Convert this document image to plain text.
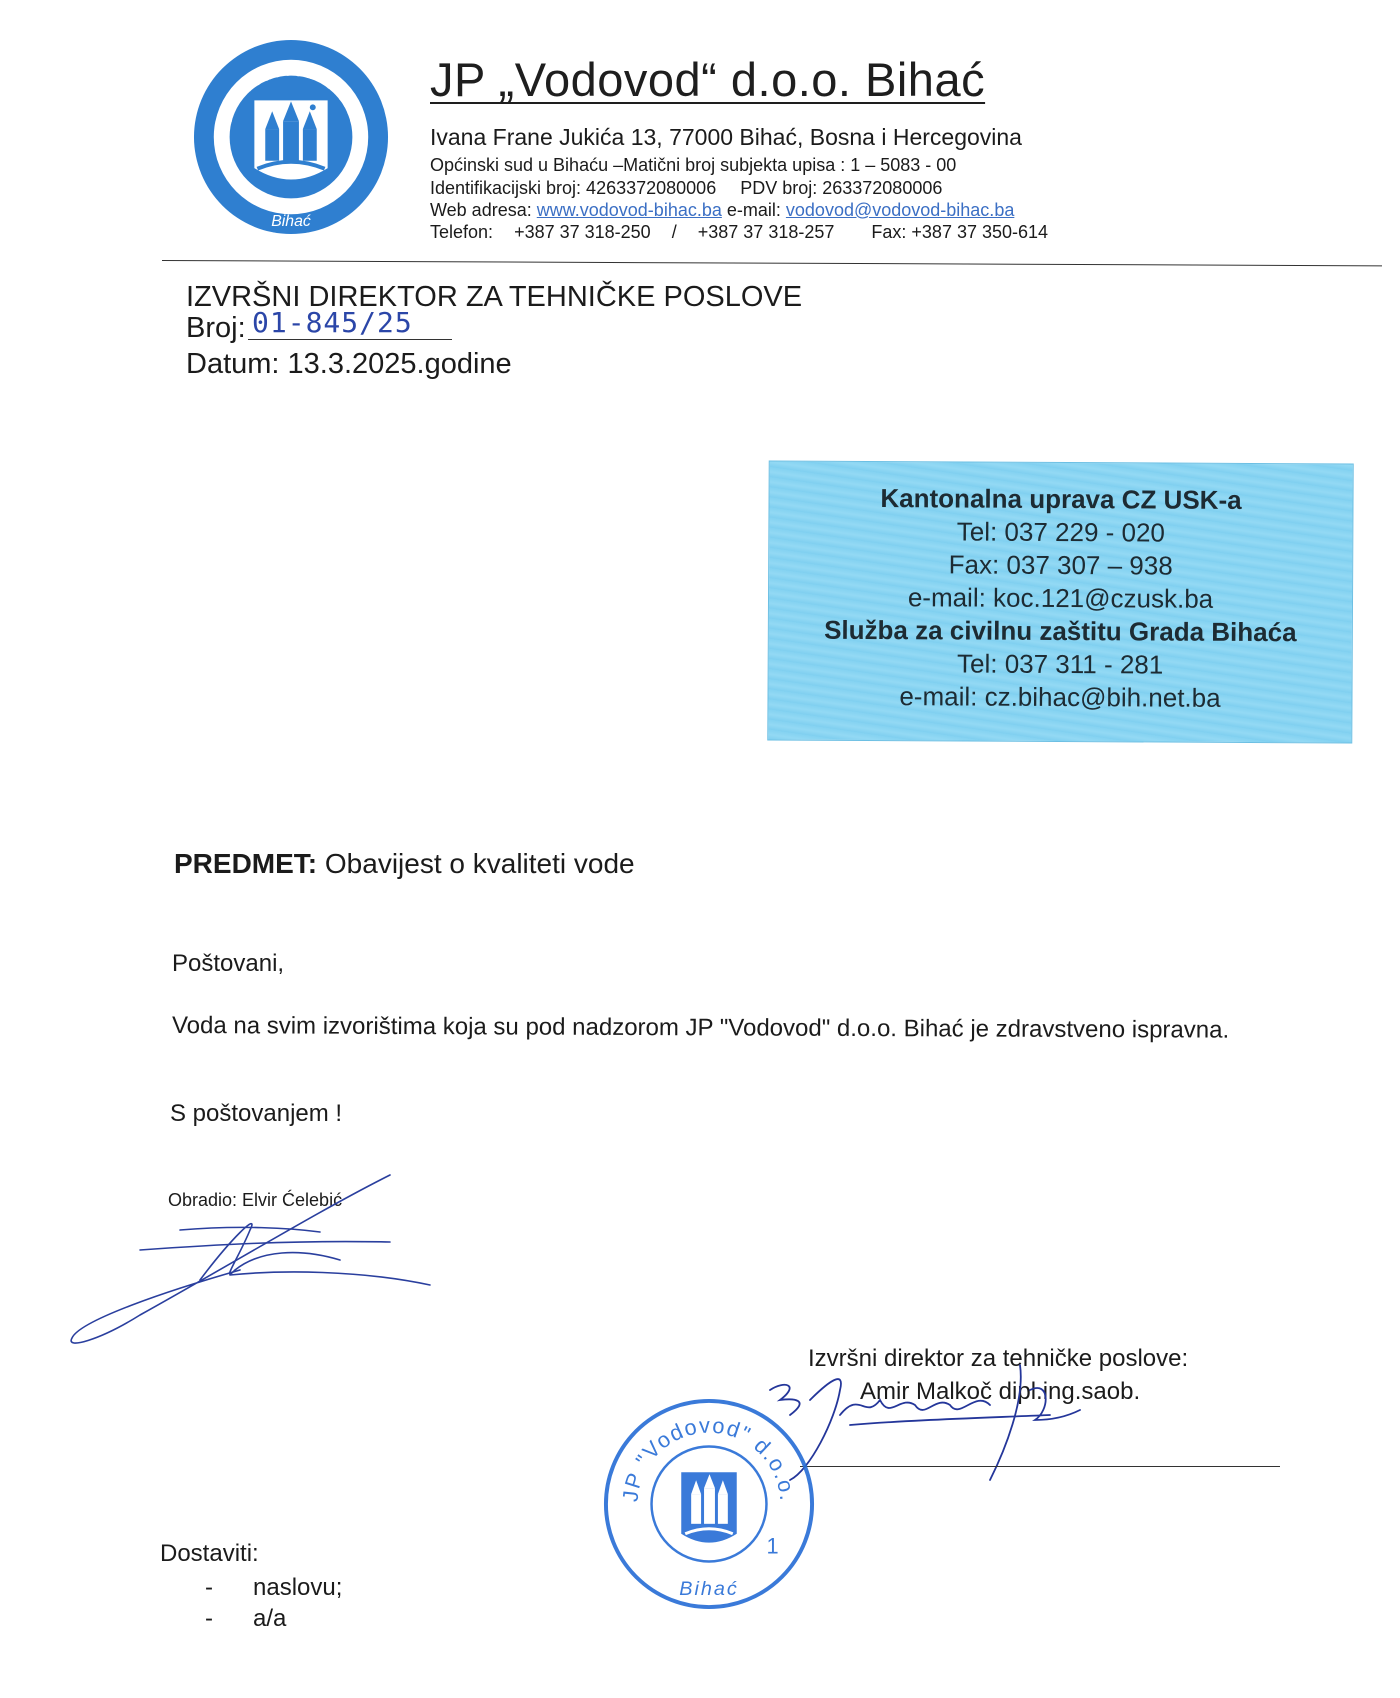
JP "Vodovod" d.o.o.
Bihać
JP „Vodovod“ d.o.o. Bihać
Ivana Frane Jukića 13, 77000 Bihać, Bosna i Hercegovina
Općinski sud u Bihaću –Matični broj subjekta upisa : 1 – 5083 - 00
Identifikacijski broj: 4263372080006 PDV broj: 263372080006
Web adresa: www.vodovod-bihac.ba e-mail: vodovod@vodovod-bihac.ba
Telefon: +387 37 318-250 / +387 37 318-257 Fax: +387 37 350-614
IZVRŠNI DIREKTOR ZA TEHNIČKE POSLOVE
Broj: 01-845/25
Datum: 13.3.2025.godine
Kantonalna uprava CZ USK-a
Tel: 037 229 - 020
Fax: 037 307 – 938
e-mail: koc.121@czusk.ba
Služba za civilnu zaštitu Grada Bihaća
Tel: 037 311 - 281
e-mail: cz.bihac@bih.net.ba
PREDMET: Obavijest o kvaliteti vode
Poštovani,
Voda na svim izvorištima koja su pod nadzorom JP "Vodovod" d.o.o. Bihać je zdravstveno ispravna.
S poštovanjem !
Obradio: Elvir Ćelebić
Izvršni direktor za tehničke poslove:
Amir Malkoč dipl.ing.saob.
JP "Vodovod" d.o.o.
Bihać
1
Dostaviti:
- naslovu;
- a/a
